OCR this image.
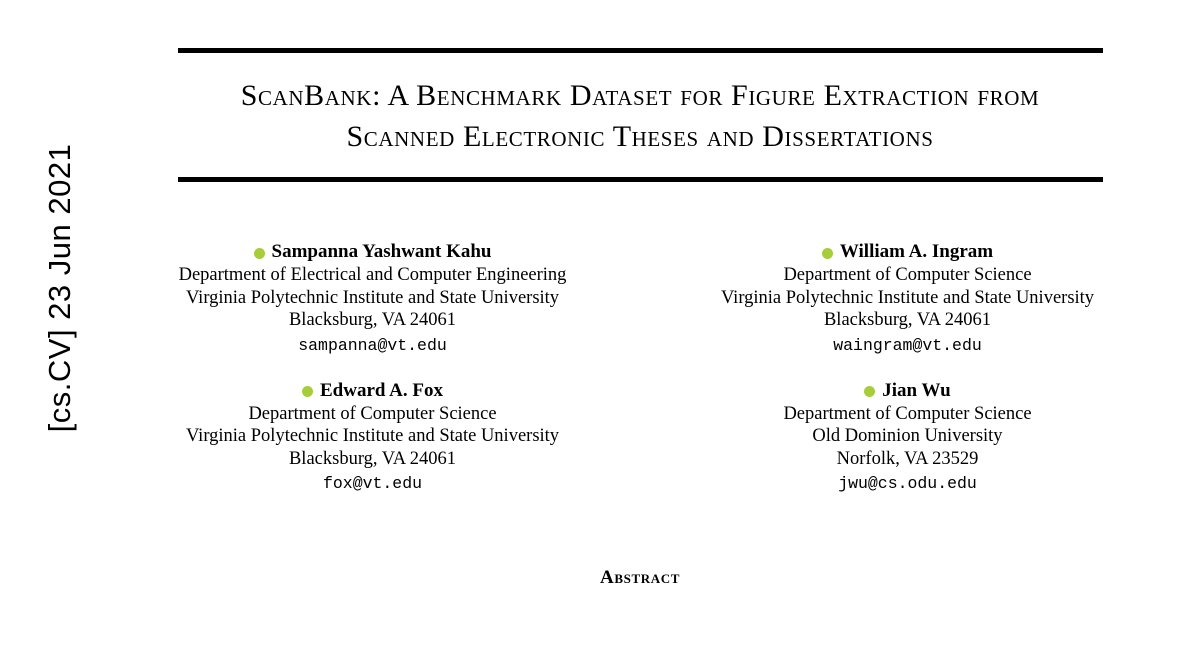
[cs.CV] 23 Jun 2021
ScanBank: A Benchmark Dataset for Figure Extraction from Scanned Electronic Theses and Dissertations
Sampanna Yashwant Kahu
Department of Electrical and Computer Engineering
Virginia Polytechnic Institute and State University
Blacksburg, VA 24061
sampanna@vt.edu
William A. Ingram
Department of Computer Science
Virginia Polytechnic Institute and State University
Blacksburg, VA 24061
waingram@vt.edu
Edward A. Fox
Department of Computer Science
Virginia Polytechnic Institute and State University
Blacksburg, VA 24061
fox@vt.edu
Jian Wu
Department of Computer Science
Old Dominion University
Norfolk, VA 23529
jwu@cs.odu.edu
Abstract
